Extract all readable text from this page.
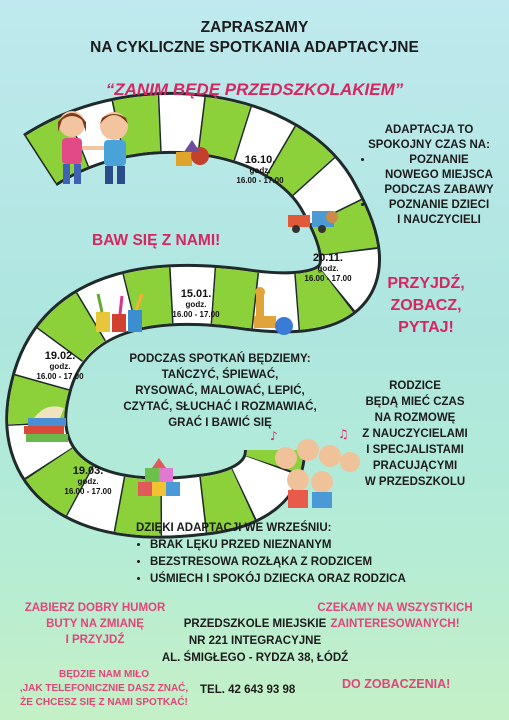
♪	♫
ZAPRASZAMY
NA CYKLICZNE SPOTKANIA ADAPTACYJNE
“ZANIM BĘDĘ PRZEDSZKOLAKIEM”
ADAPTACJA TO
SPOKOJNY CZAS NA:
• POZNANIE
NOWEGO MIEJSCA
PODCZAS ZABAWY
• POZNANIE DZIECI
I NAUCZYCIELI
BAW SIĘ Z NAMI!
PRZYJDŹ,
ZOBACZ,
PYTAJ!
16.10.
godz.
16.00 - 17.00
20.11.
godz.
16.00 - 17.00
15.01.
godz.
16.00 - 17.00
19.02.
godz.
16.00 - 17.00
19.03.
godz.
16.00 - 17.00
PODCZAS SPOTKAŃ BĘDZIEMY:
TAŃCZYĆ, ŚPIEWAĆ,
RYSOWAĆ, MALOWAĆ, LEPIĆ,
CZYTAĆ, SŁUCHAĆ I ROZMAWIAĆ,
GRAĆ I BAWIĆ SIĘ
RODZICE
BĘDĄ MIEĆ CZAS
NA ROZMOWĘ
Z NAUCZYCIELAMI
I SPECJALISTAMI
PRACUJĄCYMI
W PRZEDSZKOLU
DZIĘKI ADAPTACJI WE WRZEŚNIU:
• BRAK LĘKU PRZED NIEZNANYM
• BEZSTRESOWA ROZŁĄKA Z RODZICEM
• UŚMIECH I SPOKÓJ DZIECKA ORAZ RODZICA
ZABIERZ DOBRY HUMOR
BUTY NA ZMIANĘ
I PRZYJDŹ
CZEKAMY NA WSZYSTKICH
ZAINTERESOWANYCH!
PRZEDSZKOLE MIEJSKIE
NR 221 INTEGRACYJNE
AL. ŚMIGŁEGO - RYDZA 38, ŁÓDŹ
BĘDZIE NAM MIŁO
,JAK TELEFONICZNIE DASZ ZNAĆ,
ŻE CHCESZ SIĘ Z NAMI SPOTKAĆ!
TEL. 42 643 93 98	DO ZOBACZENIA!
